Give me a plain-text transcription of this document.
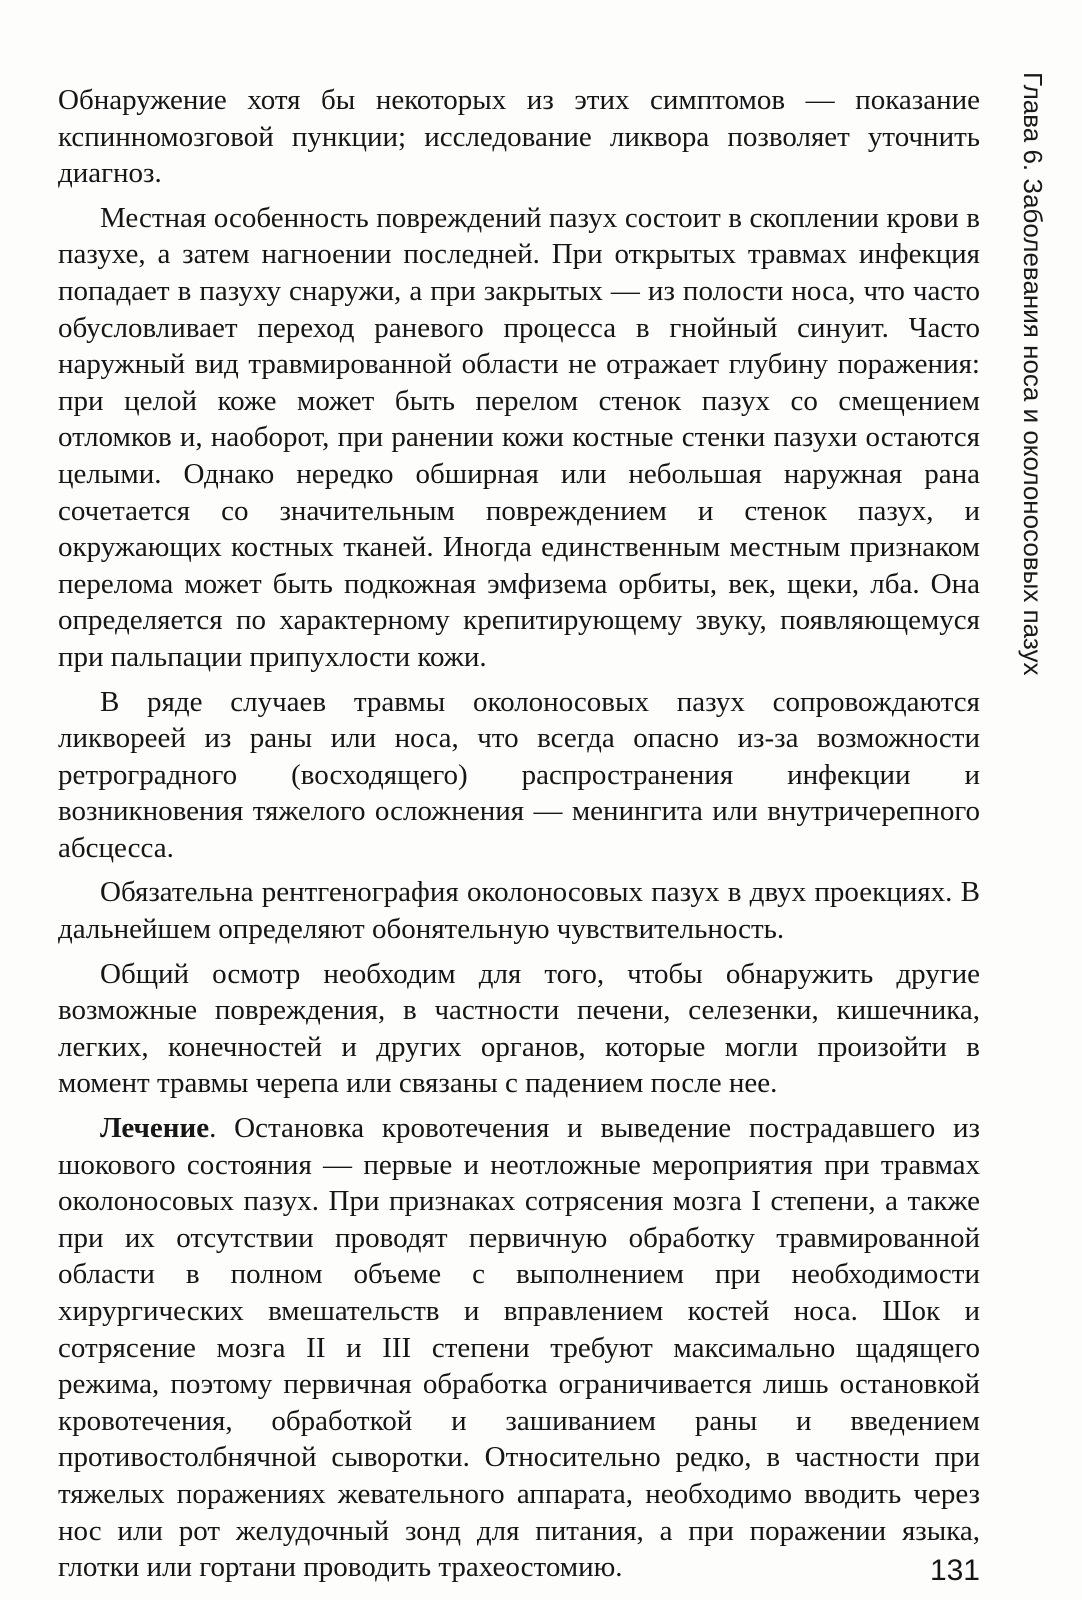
Глава 6. Заболевания носа и околоносовых пазух

Обнаружение хотя бы некоторых из этих симптомов — показание кспинномозговой пункции; исследование ликвора позволяет уточнить диагноз.

Местная особенность повреждений пазух состоит в скоплении крови в пазухе, а затем нагноении последней. При открытых травмах инфекция попадает в пазуху снаружи, а при закрытых — из полости носа, что часто обусловливает переход раневого процесса в гнойный синуит. Часто наружный вид травмированной области не отражает глубину поражения: при целой коже может быть перелом стенок пазух со смещением отломков и, наоборот, при ранении кожи костные стенки пазухи остаются целыми. Однако нередко обширная или небольшая наружная рана сочетается со значительным повреждением и стенок пазух, и окружающих костных тканей. Иногда единственным местным признаком перелома может быть подкожная эмфизема орбиты, век, щеки, лба. Она определяется по характерному крепитирующему звуку, появляющемуся при пальпации припухлости кожи.

В ряде случаев травмы околоносовых пазух сопровождаются ликвореей из раны или носа, что всегда опасно из-за возможности ретроградного (восходящего) распространения инфекции и возникновения тяжелого осложнения — менингита или внутричерепного абсцесса.

Обязательна рентгенография околоносовых пазух в двух проекциях. В дальнейшем определяют обонятельную чувствительность.

Общий осмотр необходим для того, чтобы обнаружить другие возможные повреждения, в частности печени, селезенки, кишечника, легких, конечностей и других органов, которые могли произойти в момент травмы черепа или связаны с падением после нее.

Лечение. Остановка кровотечения и выведение пострадавшего из шокового состояния — первые и неотложные мероприятия при травмах околоносовых пазух. При признаках сотрясения мозга I степени, а также при их отсутствии проводят первичную обработку травмированной области в полном объеме с выполнением при необходимости хирургических вмешательств и вправлением костей носа. Шок и сотрясение мозга II и III степени требуют максимально щадящего режима, поэтому первичная обработка ограничивается лишь остановкой кровотечения, обработкой и зашиванием раны и введением противостолбнячной сыворотки. Относительно редко, в частности при тяжелых поражениях жевательного аппарата, необходимо вводить через нос или рот желудочный зонд для питания, а при поражении языка, глотки или гортани проводить трахеостомию.	131
